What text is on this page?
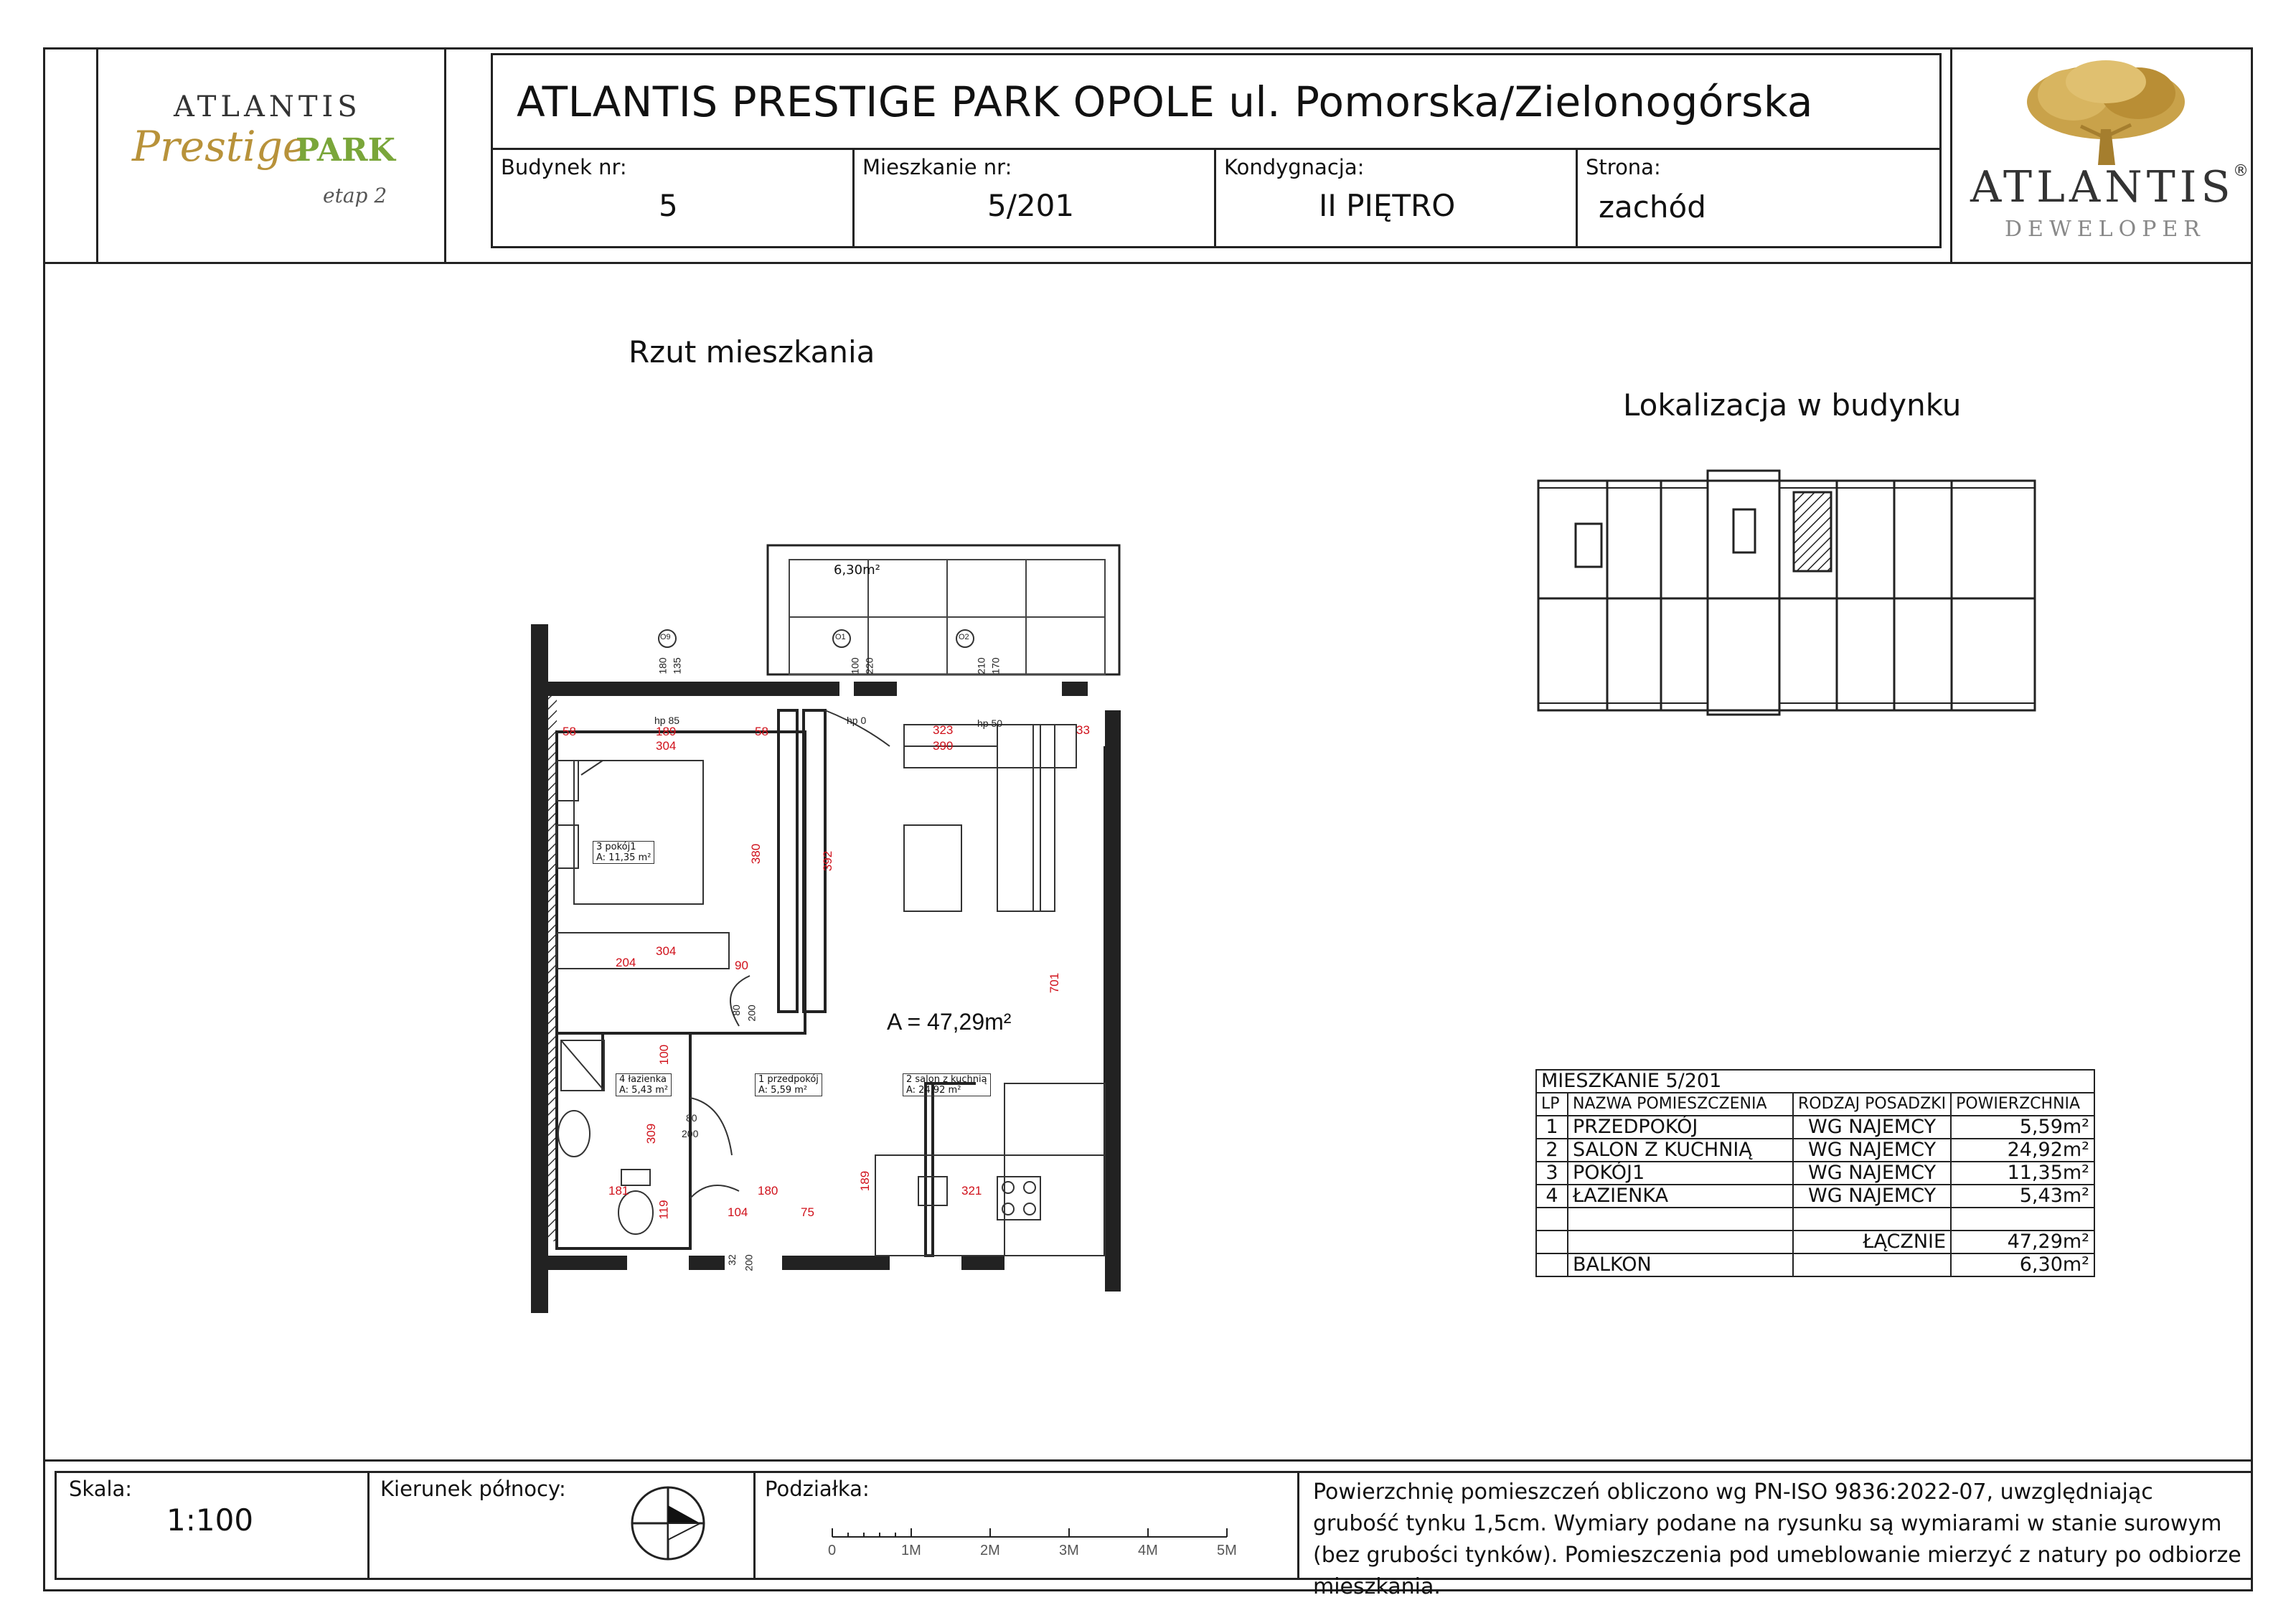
ATLANTIS
Prestige
PARK
etap 2
ATLANTIS PRESTIGE PARK OPOLE ul. Pomorska/Zielonogórska
Budynek nr:
5
Mieszkanie nr:
5/201
Kondygnacja:
II PIĘTRO
Strona:
zachód	ATLANTIS
®
DEWELOPER
Rzut mieszkania
Lokalizacja w budynku
6,30m²
A = 47,29m²
3 pokój1
A: 11,35 m²
4 łazienka
A: 5,43 m²
1 przedpokój
A: 5,59 m²
2 salon z kuchnią
A: 24,92 m²
58	189
304
58	323
390
33
380	392
701
204
304
90
100
309
119
189
181	180
104	75
321
hp 85	hp 0	hp 50
80 200
80
200
180 135	100 220	210 170
32 200
O9	O1	O2
MIESZKANIE 5/201			
LP	NAZWA POMIESZCZENIA	RODZAJ POSADZKI	POWIERZCHNIA
1	PRZEDPOKÓJ	WG NAJEMCY	5,59m²
2	SALON Z KUCHNIĄ	WG NAJEMCY	24,92m²
3	POKÓJ1	WG NAJEMCY	11,35m²
4	ŁAZIENKA	WG NAJEMCY	5,43m²

		ŁĄCZNIE	47,29m²
	BALKON		6,30m²
Skala:
1:100
Kierunek północy:	Podziałka:
0	1M	2M	3M	4M	5M
Powierzchnię pomieszczeń obliczono wg PN-ISO 9836:2022-07, uwzględniając grubość tynku 1,5cm. Wymiary podane na rysunku są wymiarami w stanie surowym (bez grubości tynków). Pomieszczenia pod umeblowanie mierzyć z natury po odbiorze mieszkania.
